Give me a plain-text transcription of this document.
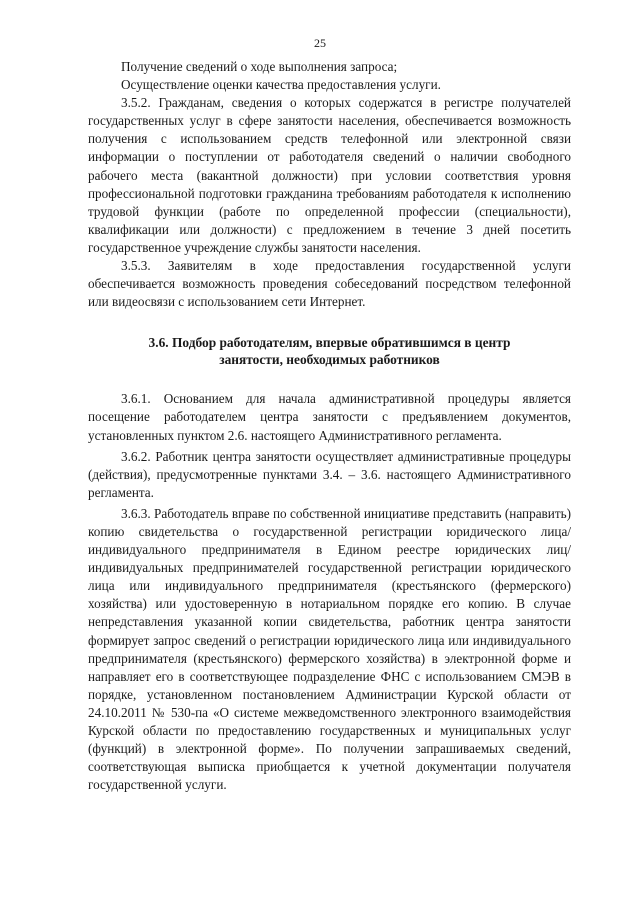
25

Получение сведений о ходе выполнения запроса;

Осуществление оценки качества предоставления услуги.

3.5.2. Гражданам, сведения о которых содержатся в регистре получателей государственных услуг в сфере занятости населения, обеспечивается возможность получения с использованием средств телефонной или электронной связи информации о поступлении от работодателя сведений о наличии свободного рабочего места (вакантной должности) при условии соответствия уровня профессиональной подготовки гражданина требованиям работодателя к исполнению трудовой функции (работе по определенной профессии (специальности), квалификации или должности) с предложением в течение 3 дней посетить государственное учреждение службы занятости населения.

3.5.3. Заявителям в ходе предоставления государственной услуги обеспечивается возможность проведения собеседований посредством телефонной или видеосвязи с использованием сети Интернет.

3.6. Подбор работодателям, впервые обратившимся в центр занятости, необходимых работников

3.6.1. Основанием для начала административной процедуры является посещение работодателем центра занятости с предъявлением документов, установленных пунктом 2.6. настоящего Административного регламента.

3.6.2. Работник центра занятости осуществляет административные процедуры (действия), предусмотренные пунктами 3.4. – 3.6. настоящего Административного регламента.

3.6.3. Работодатель вправе по собственной инициативе представить (направить) копию свидетельства о государственной регистрации юридического лица/индивидуального предпринимателя в Едином реестре юридических лиц/индивидуальных предпринимателей государственной регистрации юридического лица или индивидуального предпринимателя (крестьянского (фермерского) хозяйства) или удостоверенную в нотариальном порядке его копию. В случае непредставления указанной копии свидетельства, работник центра занятости формирует запрос сведений о регистрации юридического лица или индивидуального предпринимателя (крестьянского) фермерского хозяйства) в электронной форме и направляет его в соответствующее подразделение ФНС с использованием СМЭВ в порядке, установленном постановлением Администрации Курской области от 24.10.2011 № 530-па «О системе межведомственного электронного взаимодействия Курской области по предоставлению государственных и муниципальных услуг (функций) в электронной форме». По получении запрашиваемых сведений, соответствующая выписка приобщается к учетной документации получателя государственной услуги.
